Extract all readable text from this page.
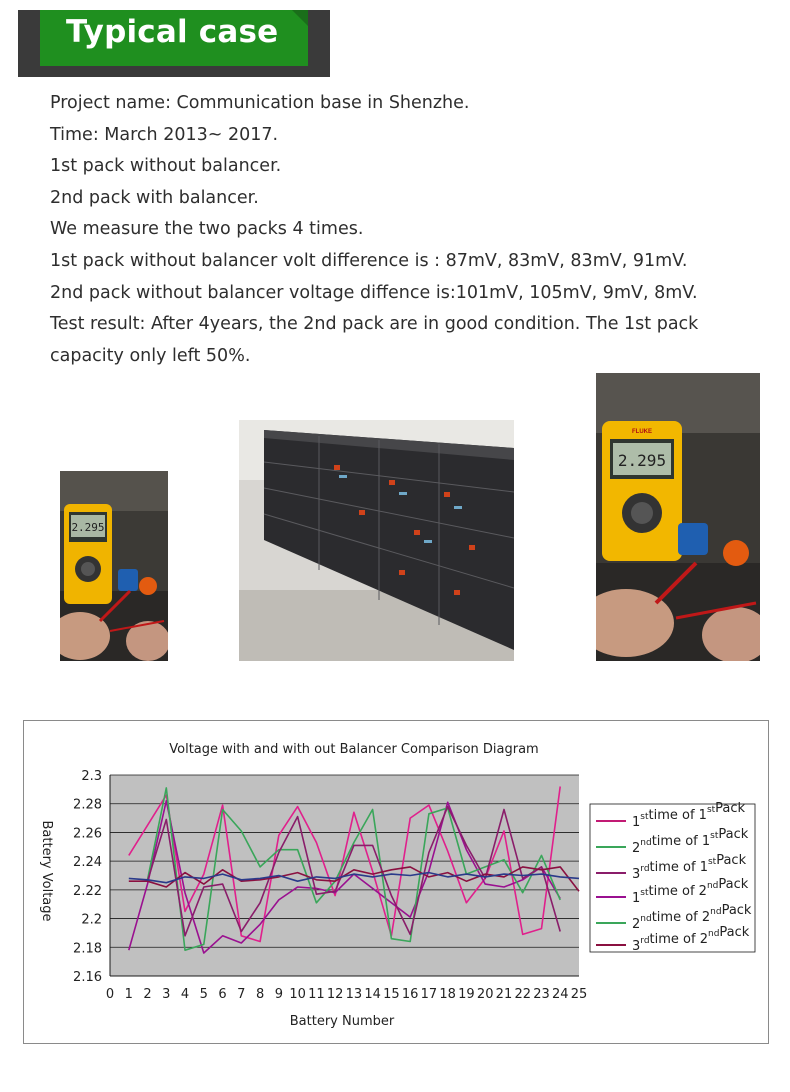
Typical case

Project name: Communication base in Shenzhe.

Time: March 2013~ 2017.

1st pack without balancer.

2nd pack with balancer.

We measure the two packs 4 times.

1st pack without balancer volt difference is : 87mV, 83mV, 83mV, 91mV.

2nd pack without balancer voltage diffence is:101mV, 105mV, 9mV, 8mV.

Test result: After 4years, the 2nd pack are in good condition. The 1st pack capacity only left 50%.

2.295
FLUKE
2.295
Voltage with and with out Balancer Comparison Diagram
2.16
2.18
2.2
2.22
2.24
2.26
2.28
2.3
0 1 2 3 4 5 6 7 8 9 10 11 12 13 14 15 16 17 18 19 20 21 22 23 24 25
Battery Number
Battery Voltage	1sttime of 1stPack
2ndtime of 1stPack
3rdtime of 1stPack
1sttime of 2ndPack
2ndtime of 2ndPack
3rdtime of 2ndPack
